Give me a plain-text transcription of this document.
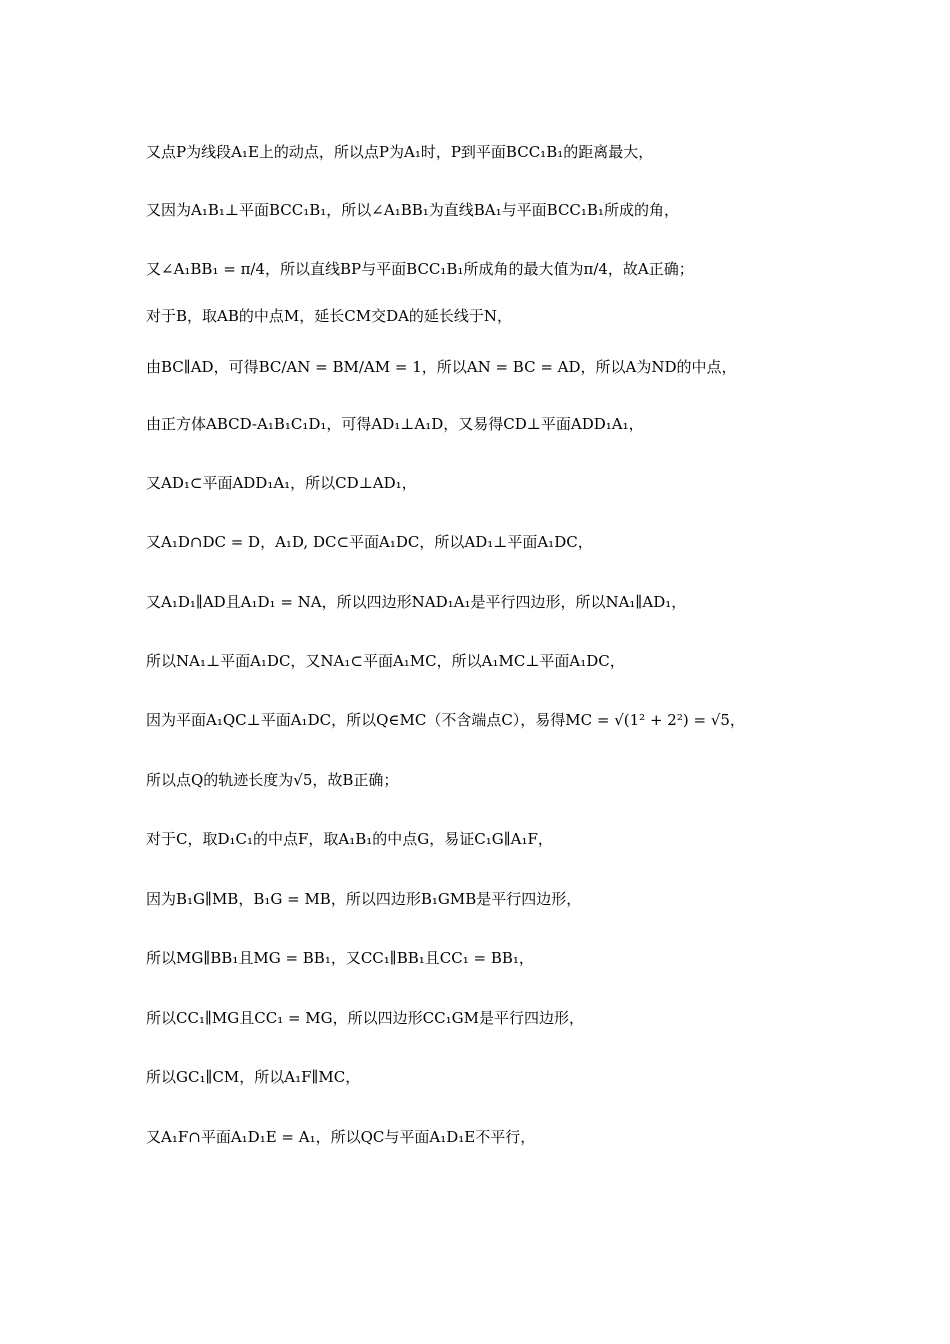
又点P为线段A₁E上的动点，所以点P为A₁时，P到平面BCC₁B₁的距离最大，
又因为A₁B₁⊥平面BCC₁B₁，所以∠A₁BB₁为直线BA₁与平面BCC₁B₁所成的角，
又∠A₁BB₁ = π/4，所以直线BP与平面BCC₁B₁所成角的最大值为π/4，故A正确；
对于B，取AB的中点M，延长CM交DA的延长线于N，
由BC∥AD，可得BC/AN = BM/AM = 1，所以AN = BC = AD，所以A为ND的中点，
由正方体ABCD-A₁B₁C₁D₁，可得AD₁⊥A₁D，又易得CD⊥平面ADD₁A₁，
又AD₁⊂平面ADD₁A₁，所以CD⊥AD₁，
又A₁D∩DC = D，A₁D, DC⊂平面A₁DC，所以AD₁⊥平面A₁DC，
又A₁D₁∥AD且A₁D₁ = NA，所以四边形NAD₁A₁是平行四边形，所以NA₁∥AD₁，
所以NA₁⊥平面A₁DC，又NA₁⊂平面A₁MC，所以A₁MC⊥平面A₁DC，
因为平面A₁QC⊥平面A₁DC，所以Q∈MC（不含端点C），易得MC = √(1² + 2²) = √5，
所以点Q的轨迹长度为√5，故B正确；
对于C，取D₁C₁的中点F，取A₁B₁的中点G，易证C₁G∥A₁F，
因为B₁G∥MB，B₁G = MB，所以四边形B₁GMB是平行四边形，
所以MG∥BB₁且MG = BB₁，又CC₁∥BB₁且CC₁ = BB₁，
所以CC₁∥MG且CC₁ = MG，所以四边形CC₁GM是平行四边形，
所以GC₁∥CM，所以A₁F∥MC，
又A₁F∩平面A₁D₁E = A₁，所以QC与平面A₁D₁E不平行，
